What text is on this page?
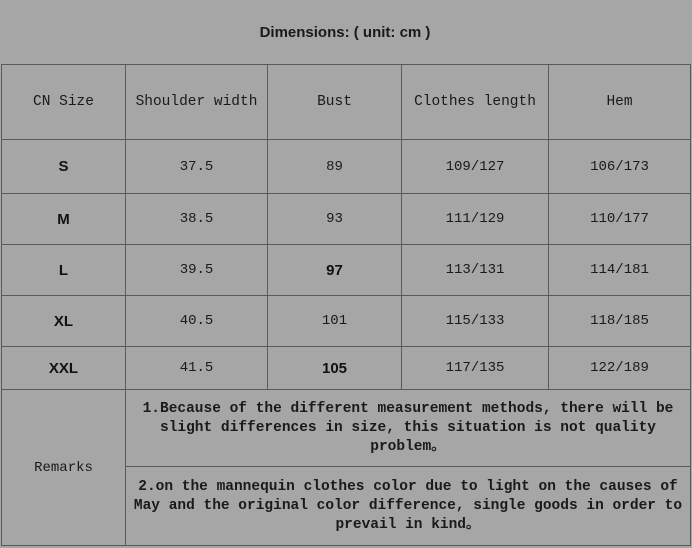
Dimensions: ( unit: cm )
CN Size	Shoulder width	Bust	Clothes length	Hem
S	37.5	89	109/127	106/173
M	38.5	93	111/129	110/177
L	39.5	97	113/131	114/181
XL	40.5	101	115/133	118/185
XXL	41.5	105	117/135	122/189
Remarks	1.Because of the different measurement methods, there will be slight differences in size, this situation is not quality problem。			
	2.on the mannequin clothes color due to light on the causes of May and the original color difference, single goods in order to prevail in kind。			
